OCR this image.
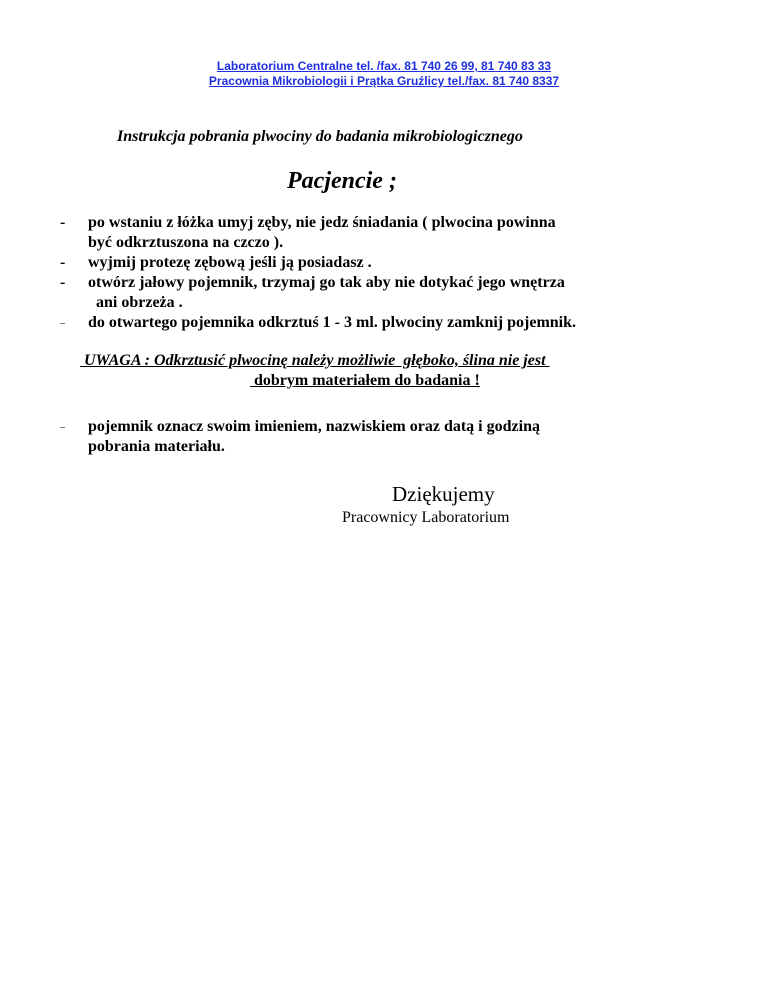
Laboratorium Centralne tel. /fax. 81 740 26 99, 81 740 83 33
Pracownia Mikrobiologii i Prątka Gruźlicy tel./fax. 81 740 8337
Instrukcja pobrania plwociny do badania mikrobiologicznego
Pacjencie ;
- po wstaniu z łóżka umyj zęby, nie jedz śniadania ( plwocina powinna
być odkrztuszona na czczo ).
- wyjmij protezę zębową jeśli ją posiadasz .
- otwórz jałowy pojemnik, trzymaj go tak aby nie dotykać jego wnętrza
ani obrzeża .
– do otwartego pojemnika odkrztuś 1 - 3 ml. plwociny zamknij pojemnik.
UWAGA : Odkrztusić plwocinę należy możliwie  głęboko, ślina nie jest
dobrym materiałem do badania !
– pojemnik oznacz swoim imieniem, nazwiskiem oraz datą i godziną
pobrania materiału.
Dziękujemy
Pracownicy Laboratorium
